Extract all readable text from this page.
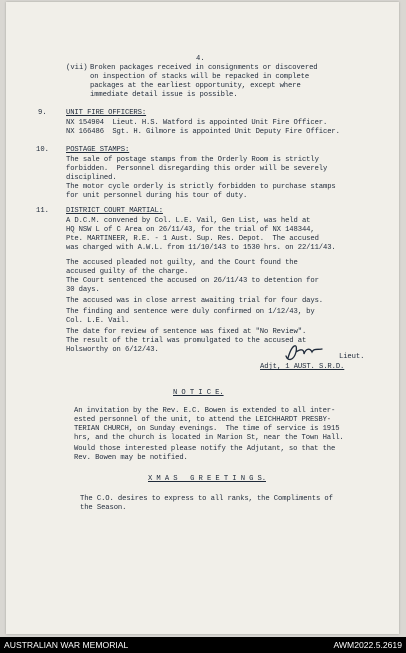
4.
(vii) Broken packages received in consignments or discovered
on inspection of stacks will be repacked in complete
packages at the earliest opportunity, except where
immediate detail issue is possible.
9.	UNIT FIRE OFFICERS:
NX 154904  Lieut. H.S. Watford is appointed Unit Fire Officer.
NX 166486  Sgt. H. Gilmore is appointed Unit Deputy Fire Officer.
10. POSTAGE STAMPS:
The sale of postage stamps from the Orderly Room is strictly
forbidden.  Personnel disregarding this order will be severely
disciplined.
The motor cycle orderly is strictly forbidden to purchase stamps
for unit personnel during his tour of duty.
11. DISTRICT COURT MARTIAL:
A D.C.M. convened by Col. L.E. Vail, Gen List, was held at
HQ NSW L of C Area on 26/11/43, for the trial of NX 148344,
Pte. MARTINEER, R.E. - 1 Aust. Sup. Res. Depot.  The accused
was charged with A.W.L. from 11/10/143 to 1530 hrs. on 22/11/43.
The accused pleaded not guilty, and the Court found the
accused guilty of the charge.
The Court sentenced the accused on 26/11/43 to detention for
30 days.
The accused was in close arrest awaiting trial for four days.
The finding and sentence were duly confirmed on 1/12/43, by
Col. L.E. Vail.
The date for review of sentence was fixed at "No Review".
The result of the trial was promulgated to the accused at
Holsworthy on 6/12/43.
Lieut.
Adjt, 1 AUST. S.R.D.
N O T I C E.
An invitation by the Rev. E.C. Bowen is extended to all inter-
ested personnel of the unit, to attend the LEICHHARDT PRESBY-
TERIAN CHURCH, on Sunday evenings.  The time of service is 1915
hrs, and the church is located in Marion St, near the Town Hall.
Would those interested please notify the Adjutant, so that the
Rev. Bowen may be notified.
X M A S   G R E E T I N G S.
The C.O. desires to express to all ranks, the Compliments of
the Season.
AUSTRALIAN WAR MEMORIAL	AWM2022.5.2619
